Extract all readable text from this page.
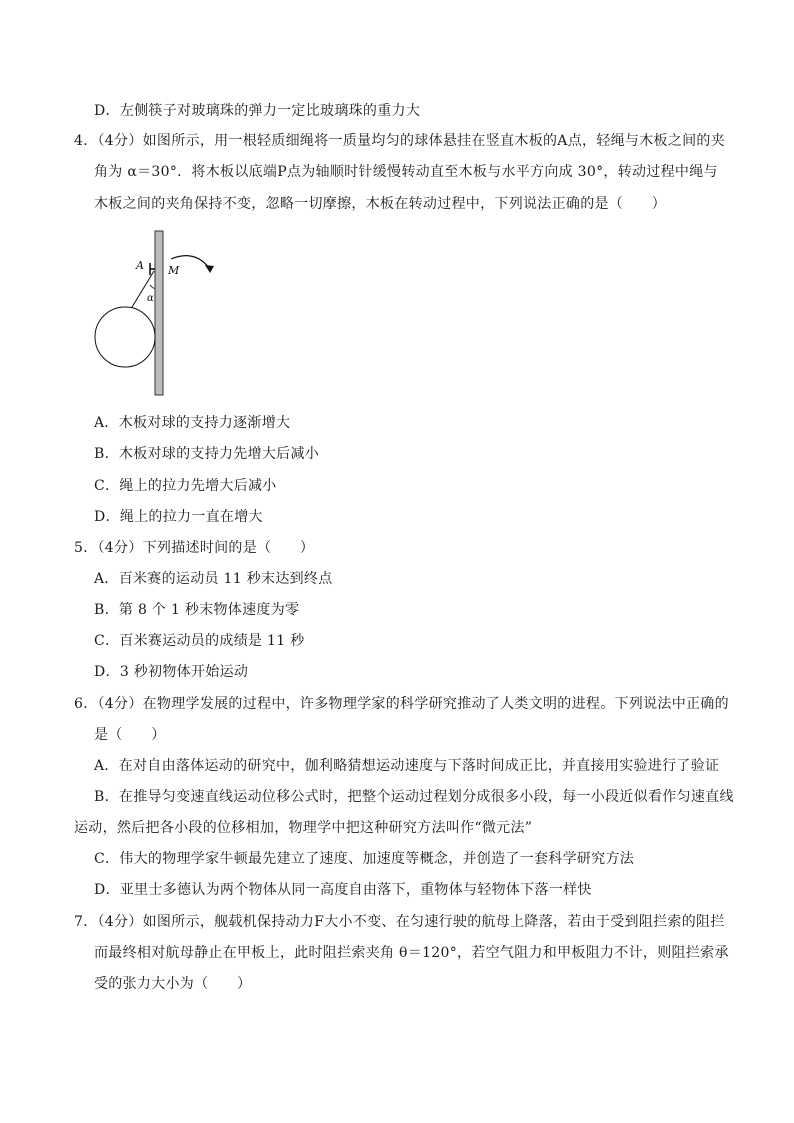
D．左侧筷子对玻璃珠的弹力一定比玻璃珠的重力大
4．（4分）如图所示，用一根轻质细绳将一质量均匀的球体悬挂在竖直木板的A点，轻绳与木板之间的夹
角为 α＝30°．将木板以底端P点为轴顺时针缓慢转动直至木板与水平方向成 30°，转动过程中绳与
木板之间的夹角保持不变，忽略一切摩擦，木板在转动过程中，下列说法正确的是（　　）
A M
α
A．木板对球的支持力逐渐增大
B．木板对球的支持力先增大后减小
C．绳上的拉力先增大后减小
D．绳上的拉力一直在增大
5．（4分）下列描述时间的是（　　）
A．百米赛的运动员 11 秒末达到终点
B．第 8 个 1 秒末物体速度为零
C．百米赛运动员的成绩是 11 秒
D．3 秒初物体开始运动
6．（4分）在物理学发展的过程中，许多物理学家的科学研究推动了人类文明的进程。下列说法中正确的
是（　　）
A．在对自由落体运动的研究中，伽利略猜想运动速度与下落时间成正比，并直接用实验进行了验证
B．在推导匀变速直线运动位移公式时，把整个运动过程划分成很多小段，每一小段近似看作匀速直线
运动，然后把各小段的位移相加，物理学中把这种研究方法叫作“微元法”
C．伟大的物理学家牛顿最先建立了速度、加速度等概念，并创造了一套科学研究方法
D．亚里士多德认为两个物体从同一高度自由落下，重物体与轻物体下落一样快
7．（4分）如图所示，舰载机保持动力F大小不变、在匀速行驶的航母上降落，若由于受到阻拦索的阻拦
而最终相对航母静止在甲板上，此时阻拦索夹角 θ＝120°，若空气阻力和甲板阻力不计，则阻拦索承
受的张力大小为（　　）
